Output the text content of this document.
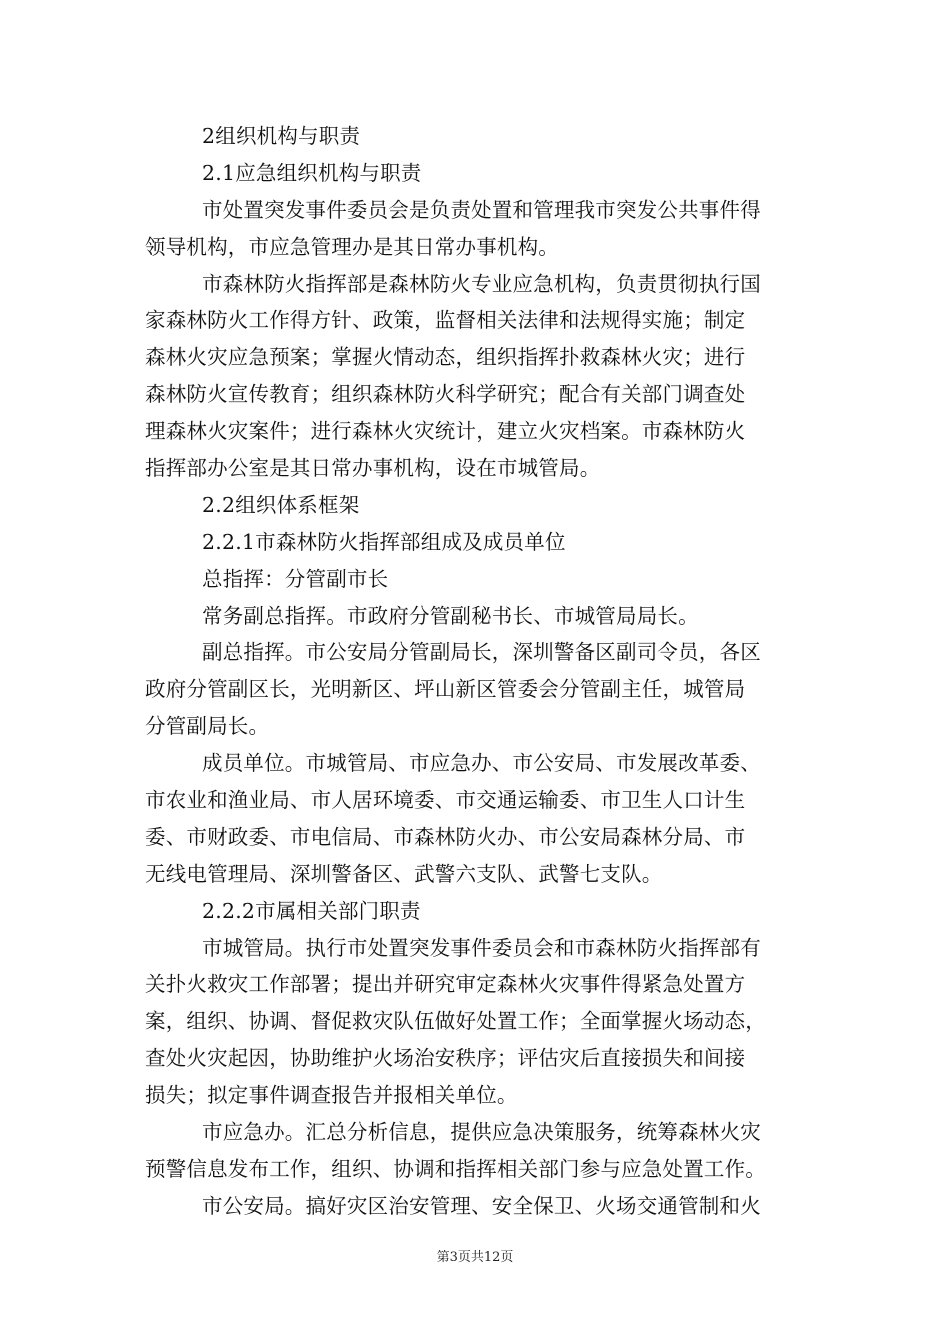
2组织机构与职责
2.1应急组织机构与职责
市处置突发事件委员会是负责处置和管理我市突发公共事件得
领导机构，市应急管理办是其日常办事机构。
市森林防火指挥部是森林防火专业应急机构，负责贯彻执行国
家森林防火工作得方针、政策，监督相关法律和法规得实施；制定
森林火灾应急预案；掌握火情动态，组织指挥扑救森林火灾；进行
森林防火宣传教育；组织森林防火科学研究；配合有关部门调查处
理森林火灾案件；进行森林火灾统计，建立火灾档案。市森林防火
指挥部办公室是其日常办事机构，设在市城管局。
2.2组织体系框架
2.2.1市森林防火指挥部组成及成员单位
总指挥：分管副市长
常务副总指挥。市政府分管副秘书长、市城管局局长。
副总指挥。市公安局分管副局长，深圳警备区副司令员，各区
政府分管副区长，光明新区、坪山新区管委会分管副主任，城管局
分管副局长。
成员单位。市城管局、市应急办、市公安局、市发展改革委、
市农业和渔业局、市人居环境委、市交通运输委、市卫生人口计生
委、市财政委、市电信局、市森林防火办、市公安局森林分局、市
无线电管理局、深圳警备区、武警六支队、武警七支队。
2.2.2市属相关部门职责
市城管局。执行市处置突发事件委员会和市森林防火指挥部有
关扑火救灾工作部署；提出并研究审定森林火灾事件得紧急处置方
案，组织、协调、督促救灾队伍做好处置工作；全面掌握火场动态，
查处火灾起因，协助维护火场治安秩序；评估灾后直接损失和间接
损失；拟定事件调查报告并报相关单位。
市应急办。汇总分析信息，提供应急决策服务，统筹森林火灾
预警信息发布工作，组织、协调和指挥相关部门参与应急处置工作。
市公安局。搞好灾区治安管理、安全保卫、火场交通管制和火
第3页共12页
